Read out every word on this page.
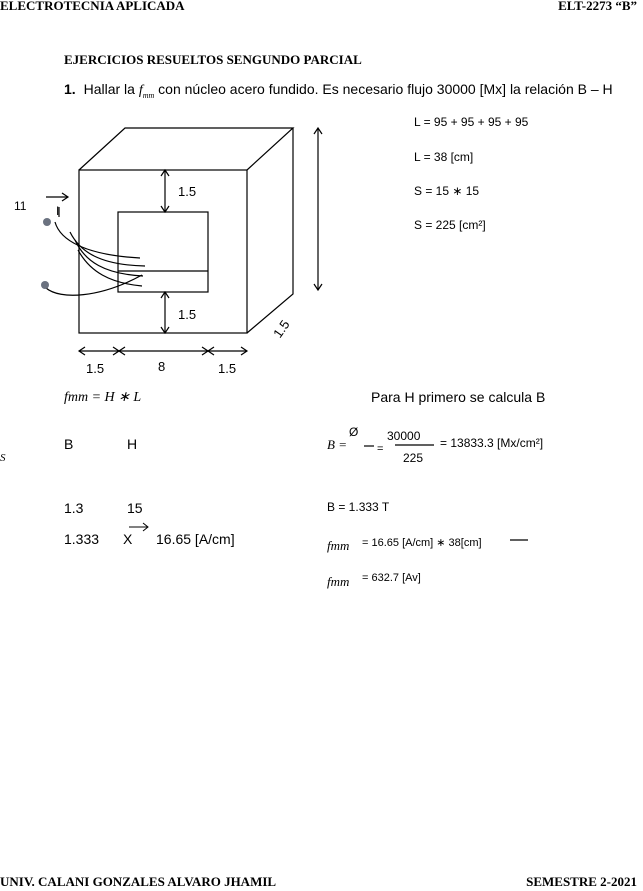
ELECTROTECNIA APLICADA	ELT-2273 “B”
EJERCICIOS RESUELTOS SENGUNDO PARCIAL
1. Hallar la $f_{mm}$ con núcleo acero fundido. Es necesario flujo 30000 [Mx] la relación B – H
L = 95 + 95 + 95 + 95
L = 38 [cm]
S = 15 ∗ 15
S = 225 [cm²]
11 I
1.5
1.5
1.5
1.5	8	1.5
fmm = H ∗ L	Para H primero se calcula B
S
B	H
1.3	15
1.333 X 16.65 [A/cm]
B =
Ø
=
30000
225
= 13833.3 [Mx/cm²]
B = 1.333 T
fmm = 16.65 [A/cm] ∗ 38[cm]
fmm = 632.7 [Av]
UNIV. CALANI GONZALES ALVARO JHAMIL	SEMESTRE 2-2021
